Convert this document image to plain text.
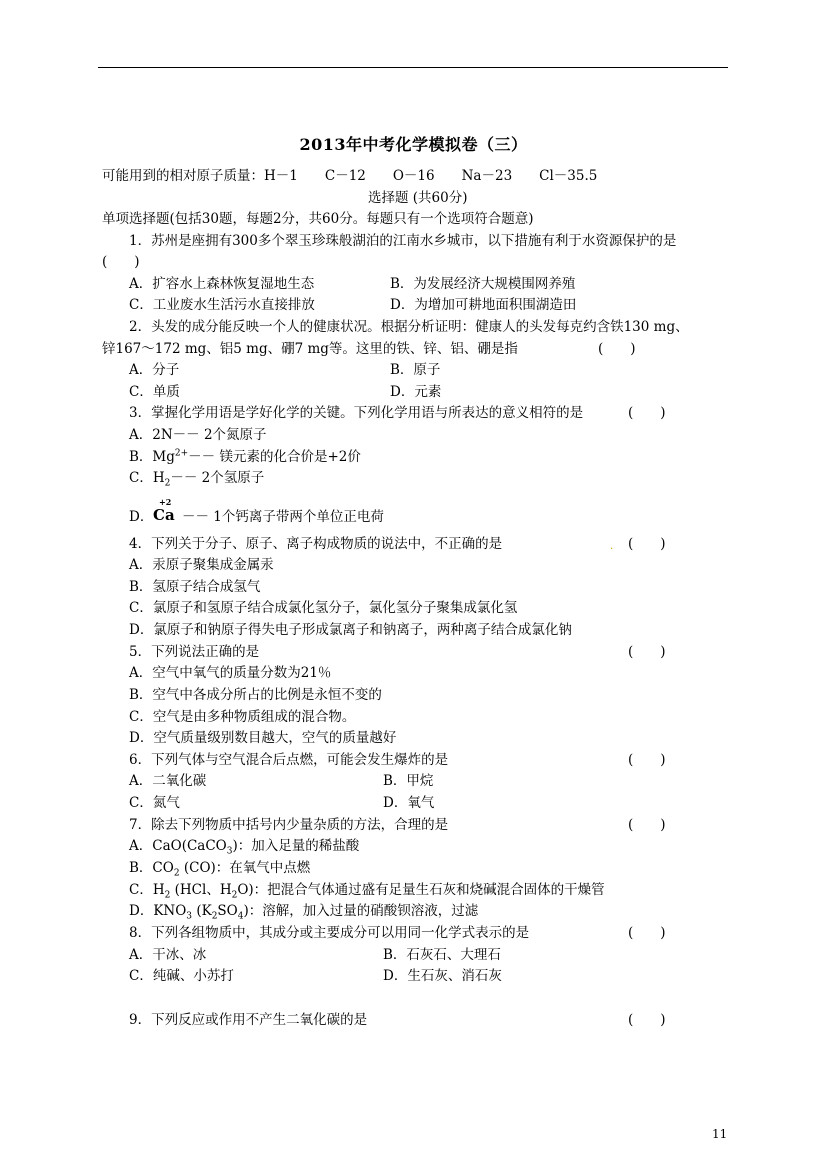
2013年中考化学模拟卷（三）
可能用到的相对原子质量：H－1　　C－12　　O－16　　Na－23　　Cl－35.5
选择题 (共60分)
单项选择题(包括30题，每题2分，共60分。每题只有一个选项符合题意)
1．苏州是座拥有300多个翠玉珍珠般湖泊的江南水乡城市，以下措施有利于水资源保护的是
(　　)
A．扩容水上森林恢复湿地生态	B．为发展经济大规模围网养殖
C．工业废水生活污水直接排放	D．为增加可耕地面积围湖造田
2．头发的成分能反映一个人的健康状况。根据分析证明：健康人的头发每克约含铁130 mg、
锌167～172 mg、铝5 mg、硼7 mg等。这里的铁、锌、铝、硼是指	(　　)
A．分子	B．原子
C．单质	D．元素
3．掌握化学用语是学好化学的关键。下列化学用语与所表达的意义相符的是	(　　)
A．2N－－ 2个氮原子
B．$Mg^{2+}--$ 镁元素的化合价是+2价
C．$H_2-- 2$个氢原子
D．
+2
Ca －－ 1个钙离子带两个单位正电荷
4．下列关于分子、原子、离子构成物质的说法中，不正确的是	. (　　)
A．汞原子聚集成金属汞
B．氢原子结合成氢气
C．氯原子和氢原子结合成氯化氢分子，氯化氢分子聚集成氯化氢
D．氯原子和钠原子得失电子形成氯离子和钠离子，两种离子结合成氯化钠
5．下列说法正确的是	(　　)
A．空气中氧气的质量分数为21％
B．空气中各成分所占的比例是永恒不变的
C．空气是由多种物质组成的混合物。
D．空气质量级别数目越大，空气的质量越好
6．下列气体与空气混合后点燃，可能会发生爆炸的是	(　　)
A．二氧化碳	B．甲烷
C．氮气	D．氧气
7．除去下列物质中括号内少量杂质的方法，合理的是	(　　)
A．CaO(CaCO$_3$)：加入足量的稀盐酸
B．$CO_2$ (CO)：在氧气中点燃
C．$H_2$ (HCl、$H_2O$)：把混合气体通过盛有足量生石灰和烧碱混合固体的干燥管
D．$KNO_3$ $(K_2SO_4)$：溶解，加入过量的硝酸钡溶液，过滤
8．下列各组物质中，其成分或主要成分可以用同一化学式表示的是	(　　)
A．干冰、冰	B．石灰石、大理石
C．纯碱、小苏打	D．生石灰、消石灰
9．下列反应或作用不产生二氧化碳的是	(　　)
11
